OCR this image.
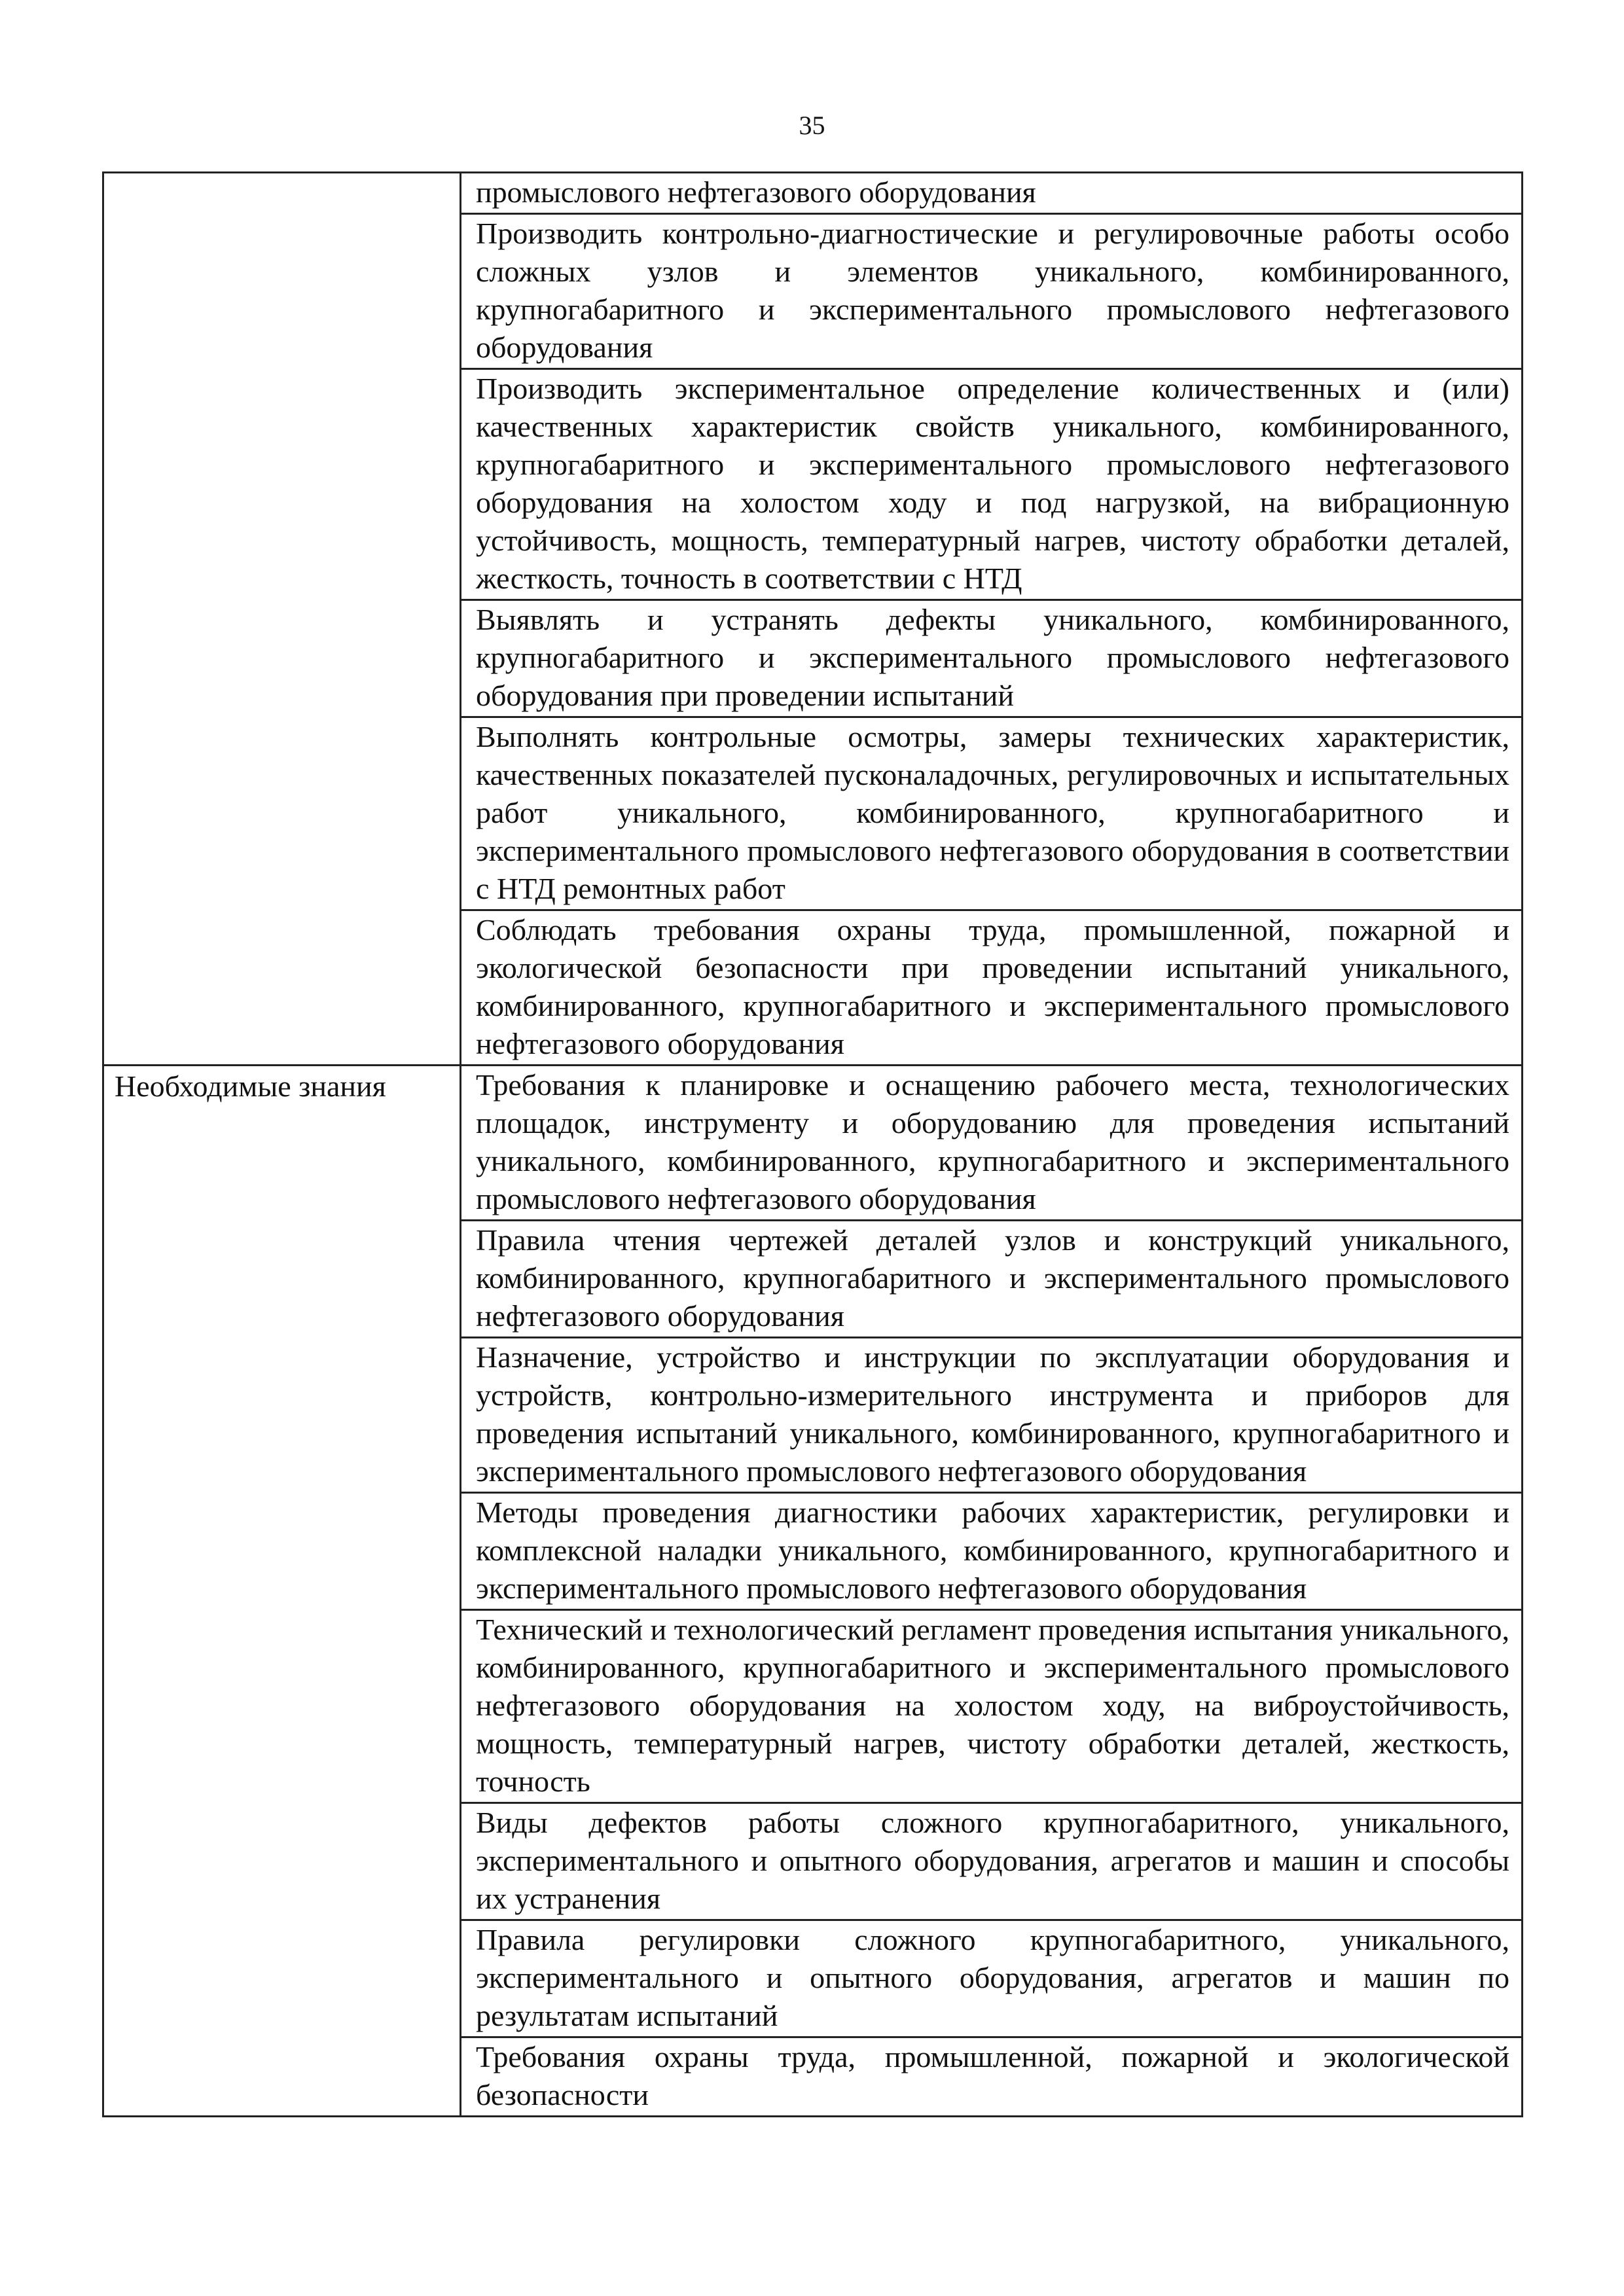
35
	промыслового нефтегазового оборудования
	Производить контрольно-диагностические и регулировочные работы особо сложных узлов и элементов уникального, комбинированного, крупногабаритного и экспериментального промыслового нефтегазового оборудования
	Производить экспериментальное определение количественных и (или) качественных характеристик свойств уникального, комбинированного, крупногабаритного и экспериментального промыслового нефтегазового оборудования на холостом ходу и под нагрузкой, на вибрационную устойчивость, мощность, температурный нагрев, чистоту обработки деталей, жесткость, точность в соответствии с НТД
	Выявлять и устранять дефекты уникального, комбинированного, крупногабаритного и экспериментального промыслового нефтегазового оборудования при проведении испытаний
	Выполнять контрольные осмотры, замеры технических характеристик, качественных показателей пусконаладочных, регулировочных и испытательных работ уникального, комбинированного, крупногабаритного и экспериментального промыслового нефтегазового оборудования в соответствии с НТД ремонтных работ
	Соблюдать требования охраны труда, промышленной, пожарной и экологической безопасности при проведении испытаний уникального, комбинированного, крупногабаритного и экспериментального промыслового нефтегазового оборудования
Необходимые знания	Требования к планировке и оснащению рабочего места, технологических площадок, инструменту и оборудованию для проведения испытаний уникального, комбинированного, крупногабаритного и экспериментального промыслового нефтегазового оборудования
	Правила чтения чертежей деталей узлов и конструкций уникального, комбинированного, крупногабаритного и экспериментального промыслового нефтегазового оборудования
	Назначение, устройство и инструкции по эксплуатации оборудования и устройств, контрольно-измерительного инструмента и приборов для проведения испытаний уникального, комбинированного, крупногабаритного и экспериментального промыслового нефтегазового оборудования
	Методы проведения диагностики рабочих характеристик, регулировки и комплексной наладки уникального, комбинированного, крупногабаритного и экспериментального промыслового нефтегазового оборудования
	Технический и технологический регламент проведения испытания уникального, комбинированного, крупногабаритного и экспериментального промыслового нефтегазового оборудования на холостом ходу, на виброустойчивость, мощность, температурный нагрев, чистоту обработки деталей, жесткость, точность
	Виды дефектов работы сложного крупногабаритного, уникального, экспериментального и опытного оборудования, агрегатов и машин и способы их устранения
	Правила регулировки сложного крупногабаритного, уникального, экспериментального и опытного оборудования, агрегатов и машин по результатам испытаний
	Требования охраны труда, промышленной, пожарной и экологической безопасности
